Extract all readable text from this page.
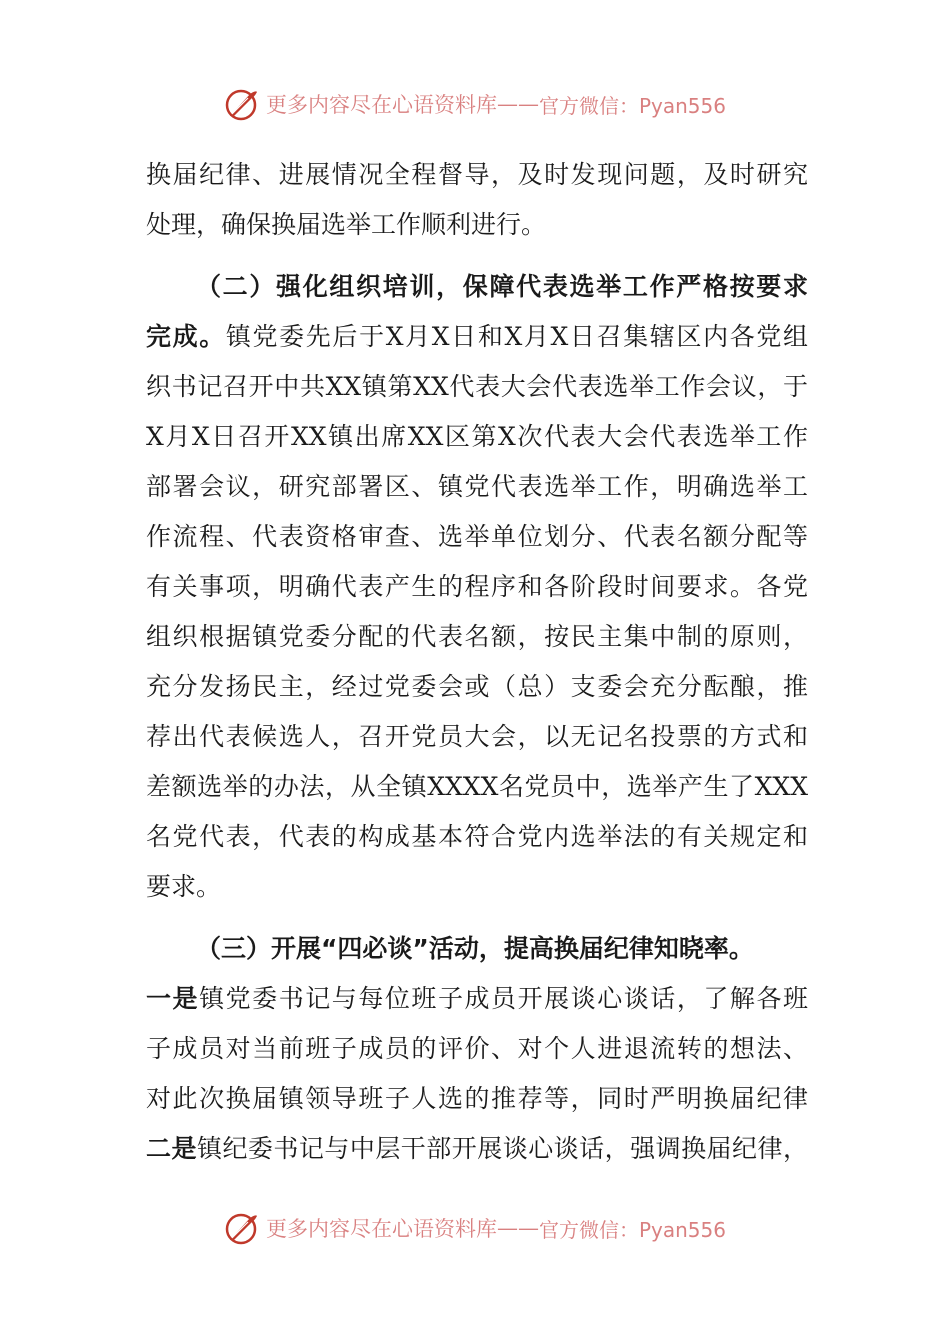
更多内容尽在心语资料库 —— 官方微信：Pyan556
换届纪律、进展情况全程督导，及时发现问题，及时研究
处理，确保换届选举工作顺利进行。
（二）强化组织培训，保障代表选举工作严格按要求
完成。镇党委先后于X月X日和X月X日召集辖区内各党组
织书记召开中共XX镇第XX代表大会代表选举工作会议，于
X月X日召开XX镇出席XX区第X次代表大会代表选举工作
部署会议，研究部署区、镇党代表选举工作，明确选举工
作流程、代表资格审查、选举单位划分、代表名额分配等
有关事项，明确代表产生的程序和各阶段时间要求。各党
组织根据镇党委分配的代表名额，按民主集中制的原则，
充分发扬民主，经过党委会或（总）支委会充分酝酿，推
荐出代表候选人，召开党员大会，以无记名投票的方式和
差额选举的办法，从全镇XXXX名党员中，选举产生了XXX
名党代表，代表的构成基本符合党内选举法的有关规定和
要求。
（三）开展“四必谈”活动，提高换届纪律知晓率。
一是镇党委书记与每位班子成员开展谈心谈话，了解各班
子成员对当前班子成员的评价、对个人进退流转的想法、
对此次换届镇领导班子人选的推荐等，同时严明换届纪律
二是镇纪委书记与中层干部开展谈心谈话，强调换届纪律，
更多内容尽在心语资料库 —— 官方微信：Pyan556
